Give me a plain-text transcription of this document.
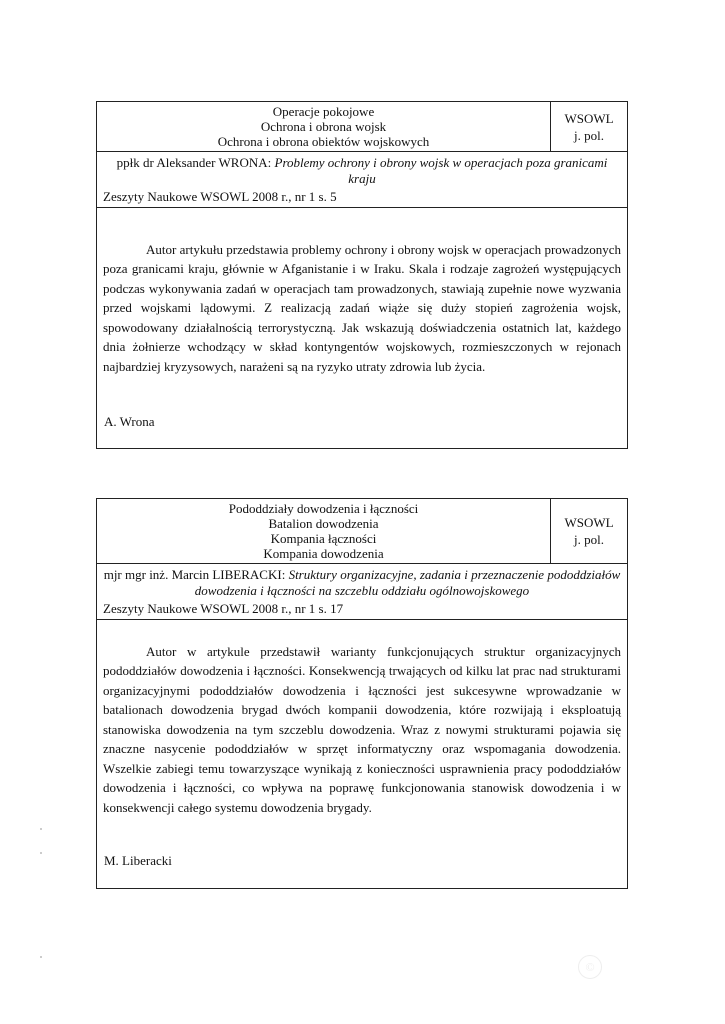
Operacje pokojowe
Ochrona i obrona wojsk
Ochrona i obrona obiektów wojskowych
WSOWL
j. pol.
ppłk dr Aleksander WRONA: Problemy ochrony i obrony wojsk w operacjach poza granicami kraju
Zeszyty Naukowe WSOWL 2008 r., nr 1 s. 5
Autor artykułu przedstawia problemy ochrony i obrony wojsk w operacjach prowadzonych poza granicami kraju, głównie w Afganistanie i w Iraku. Skala i rodzaje zagrożeń występujących podczas wykonywania zadań w operacjach tam prowadzonych, stawiają zupełnie nowe wyzwania przed wojskami lądowymi. Z realizacją zadań wiąże się duży stopień zagrożenia wojsk, spowodowany działalnością terrorystyczną. Jak wskazują doświadczenia ostatnich lat, każdego dnia żołnierze wchodzący w skład kontyngentów wojskowych, rozmieszczonych w rejonach najbardziej kryzysowych, narażeni są na ryzyko utraty zdrowia lub życia.
A. Wrona
Pododdziały dowodzenia i łączności
Batalion dowodzenia
Kompania łączności
Kompania dowodzenia
WSOWL
j. pol.
mjr mgr inż. Marcin LIBERACKI: Struktury organizacyjne, zadania i przeznaczenie pododdziałów dowodzenia i łączności na szczeblu oddziału ogólnowojskowego
Zeszyty Naukowe WSOWL 2008 r., nr 1 s. 17
Autor w artykule przedstawił warianty funkcjonujących struktur organizacyjnych pododdziałów dowodzenia i łączności. Konsekwencją trwających od kilku lat prac nad strukturami organizacyjnymi pododdziałów dowodzenia i łączności jest sukcesywne wprowadzanie w batalionach dowodzenia brygad dwóch kompanii dowodzenia, które rozwijają i eksploatują stanowiska dowodzenia na tym szczeblu dowodzenia. Wraz z nowymi strukturami pojawia się znaczne nasycenie pododdziałów w sprzęt informatyczny oraz wspomagania dowodzenia. Wszelkie zabiegi temu towarzyszące wynikają z konieczności usprawnienia pracy pododdziałów dowodzenia i łączności, co wpływa na poprawę funkcjonowania stanowisk dowodzenia i w konsekwencji całego systemu dowodzenia brygady.
M. Liberacki
©
